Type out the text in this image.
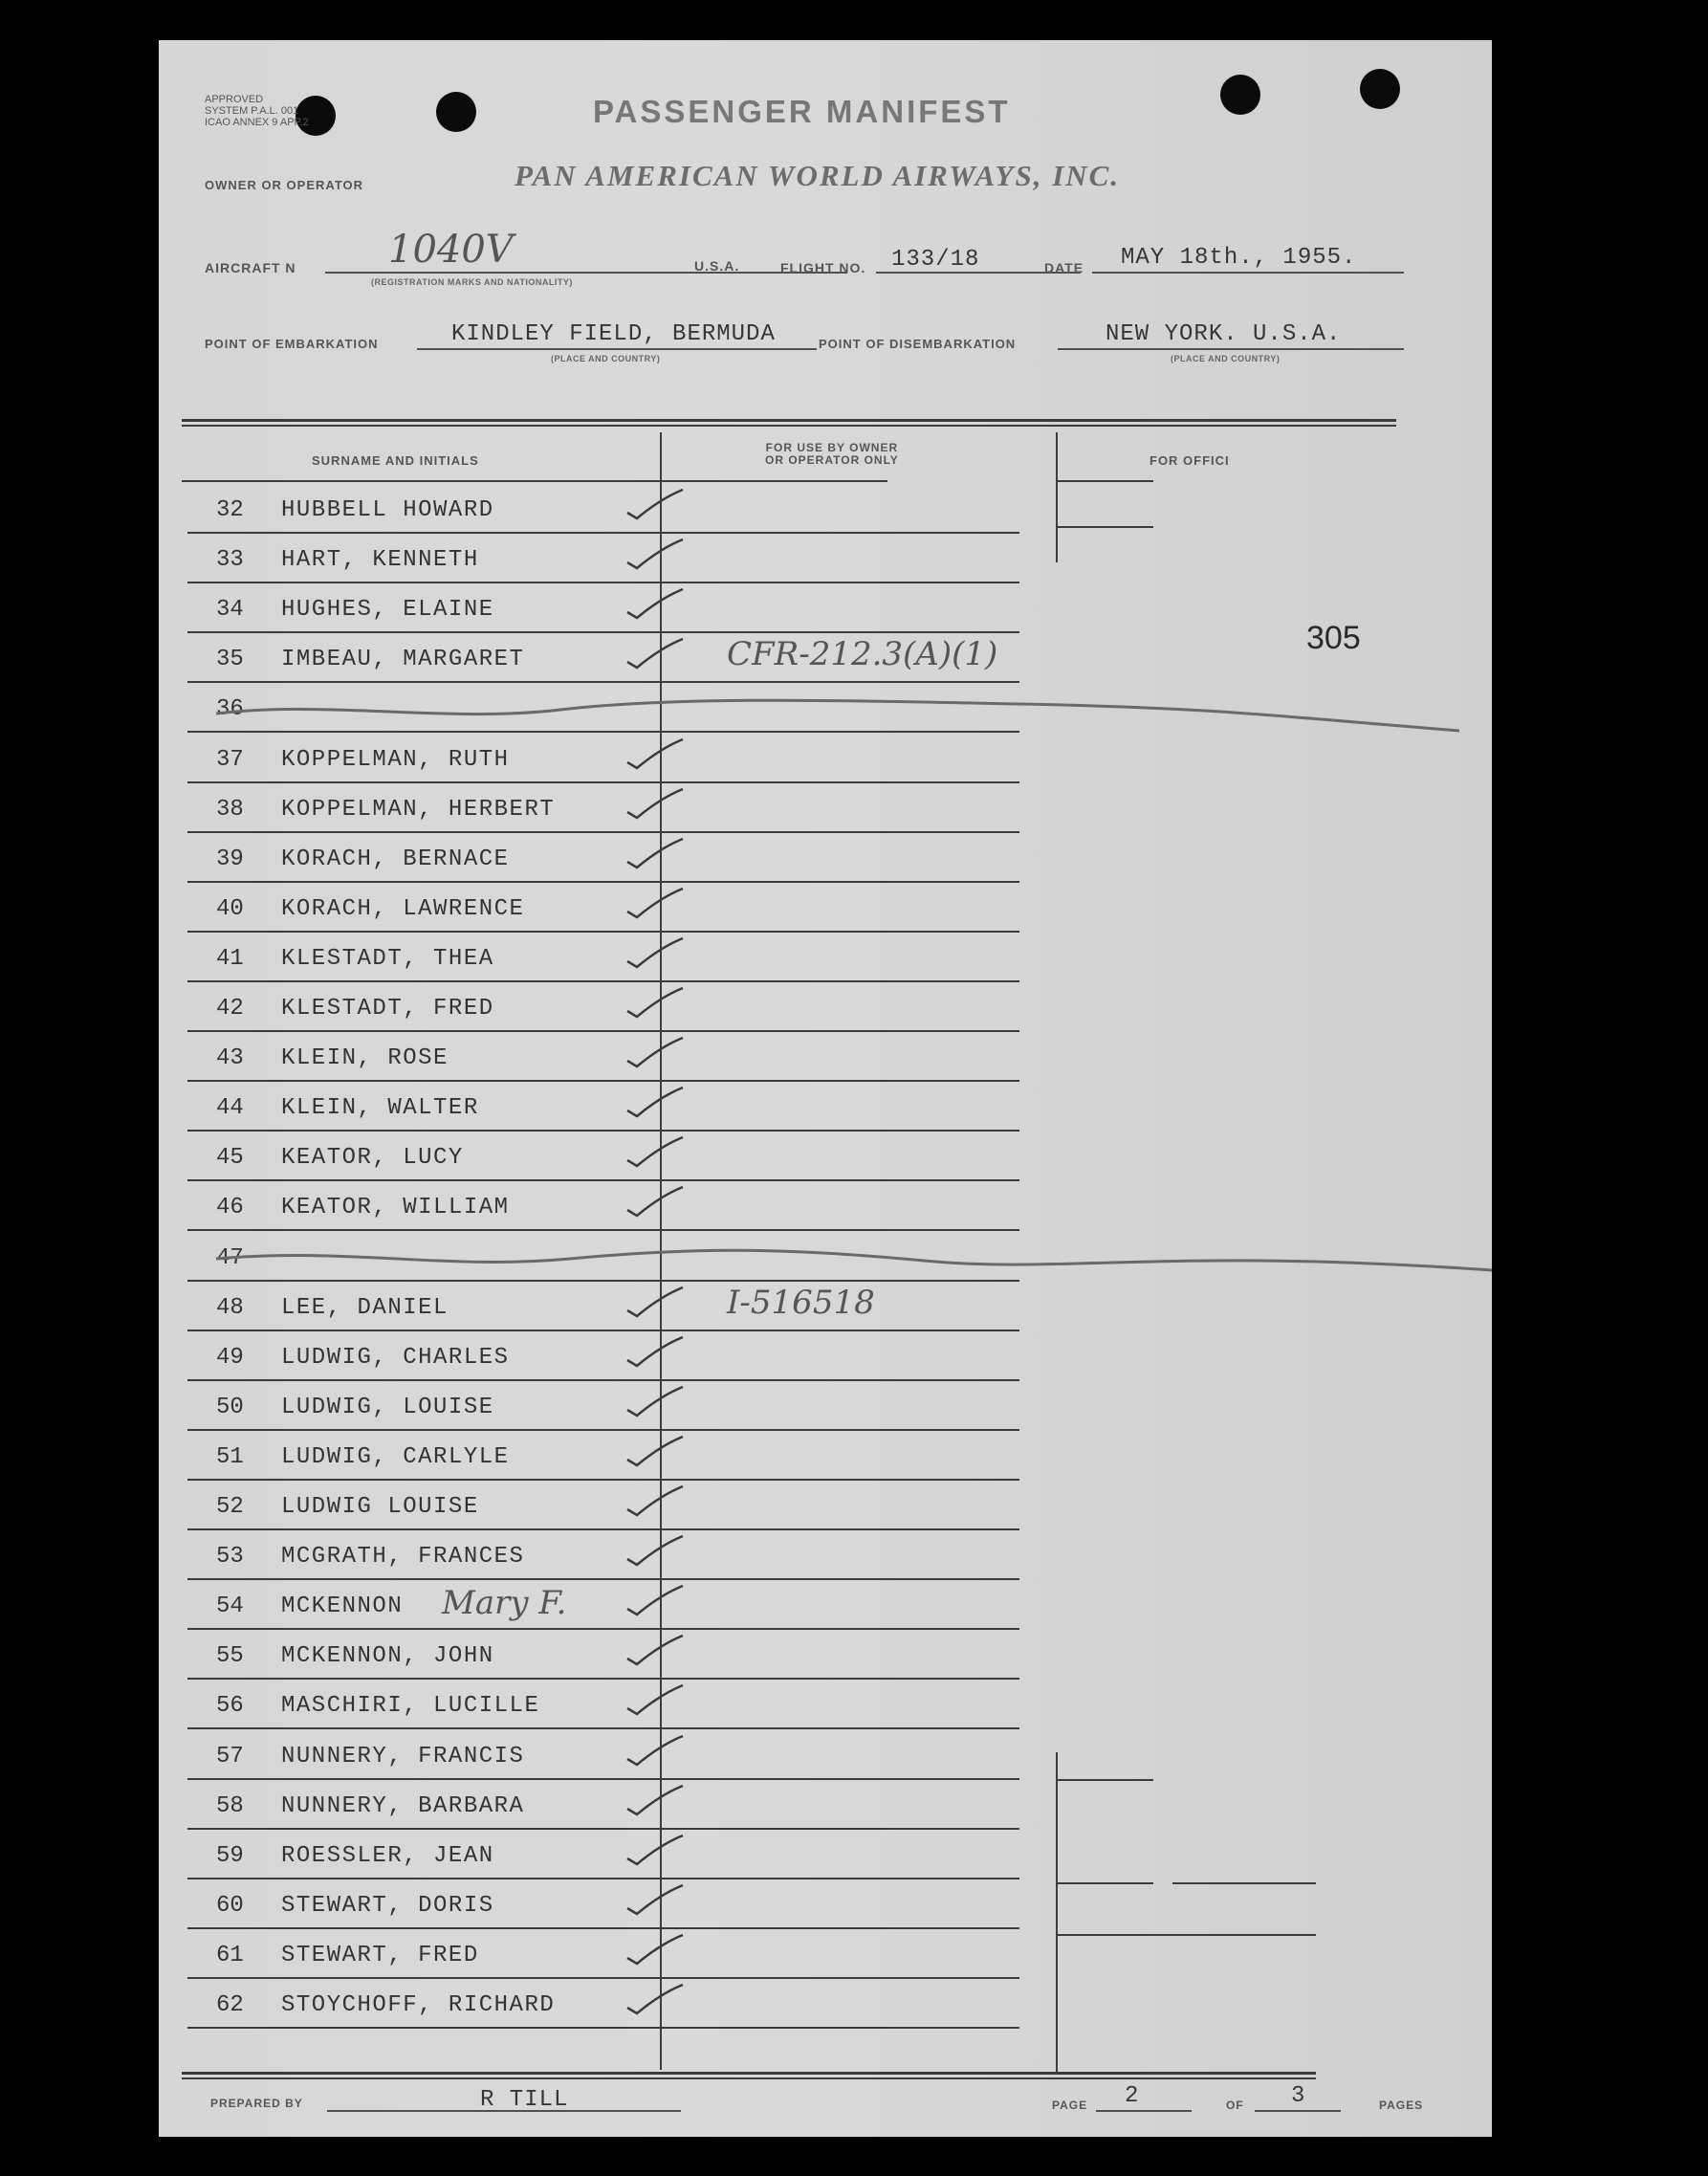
APPROVED
SYSTEM P.A.L. 001
ICAO ANNEX 9 APP.2	PASSENGER MANIFEST
OWNER OR OPERATOR	PAN AMERICAN WORLD AIRWAYS, INC.
AIRCRAFT N 1040V
(REGISTRATION MARKS AND NATIONALITY)
U.S.A.	FLIGHT NO. 133/18	DATE MAY 18th., 1955.
POINT OF EMBARKATION	KINDLEY FIELD, BERMUDA
(PLACE AND COUNTRY)
POINT OF DISEMBARKATION	NEW YORK. U.S.A.
(PLACE AND COUNTRY)
SURNAME AND INITIALS
FOR USE BY OWNER
OR OPERATOR ONLY	FOR OFFICI
305
32	HUBBELL HOWARD
33	HART, KENNETH
34	HUGHES, ELAINE
35	IMBEAU, MARGARET	CFR-212.3(A)(1)
36
37	KOPPELMAN, RUTH
38	KOPPELMAN, HERBERT
39	KORACH, BERNACE
40	KORACH, LAWRENCE
41	KLESTADT, THEA
42	KLESTADT, FRED
43	KLEIN, ROSE
44	KLEIN, WALTER
45	KEATOR, LUCY
46	KEATOR, WILLIAM
47
48	LEE, DANIEL	I-516518
49	LUDWIG, CHARLES
50	LUDWIG, LOUISE
51	LUDWIG, CARLYLE
52	LUDWIG LOUISE
53	MCGRATH, FRANCES
54	MCKENNON Mary F.
55	MCKENNON, JOHN
56	MASCHIRI, LUCILLE
57	NUNNERY, FRANCIS
58	NUNNERY, BARBARA
59	ROESSLER, JEAN
60	STEWART, DORIS
61	STEWART, FRED
62	STOYCHOFF, RICHARD
PREPARED BY	R TILL	PAGE 2	OF 3	PAGES
